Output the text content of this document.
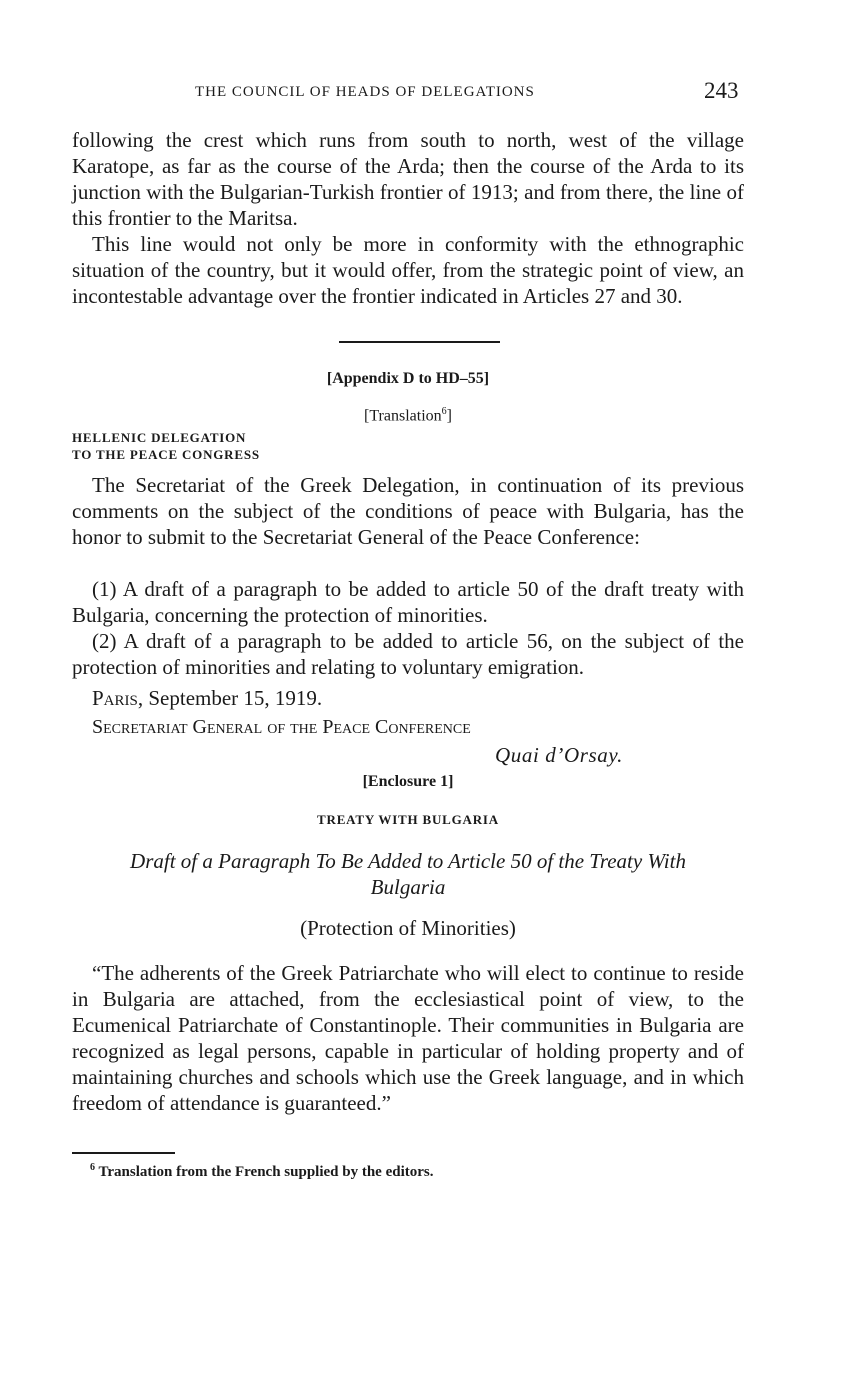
THE COUNCIL OF HEADS OF DELEGATIONS	243

following the crest which runs from south to north, west of the village Karatope, as far as the course of the Arda; then the course of the Arda to its junction with the Bulgarian-Turkish frontier of 1913; and from there, the line of this frontier to the Maritsa.

This line would not only be more in conformity with the ethnographic situation of the country, but it would offer, from the strategic point of view, an incontestable advantage over the frontier indicated in Articles 27 and 30.

[Appendix D to HD–55]
[Translation$^6$]
HELLENIC DELEGATION
TO THE PEACE CONGRESS

The Secretariat of the Greek Delegation, in continuation of its previous comments on the subject of the conditions of peace with Bulgaria, has the honor to submit to the Secretariat General of the Peace Conference:

(1) A draft of a paragraph to be added to article 50 of the draft treaty with Bulgaria, concerning the protection of minorities.

(2) A draft of a paragraph to be added to article 56, on the subject of the protection of minorities and relating to voluntary emigration.

Paris, September 15, 1919.
Secretariat General of the Peace Conference
Quai d’Orsay.
[Enclosure 1]
TREATY WITH BULGARIA
Draft of a Paragraph To Be Added to Article 50 of the Treaty With
Bulgaria
(Protection of Minorities)

“The adherents of the Greek Patriarchate who will elect to continue to reside in Bulgaria are attached, from the ecclesiastical point of view, to the Ecumenical Patriarchate of Constantinople. Their communities in Bulgaria are recognized as legal persons, capable in particular of holding property and of maintaining churches and schools which use the Greek language, and in which freedom of attendance is guaranteed.”

$^6$ Translation from the French supplied by the editors.
